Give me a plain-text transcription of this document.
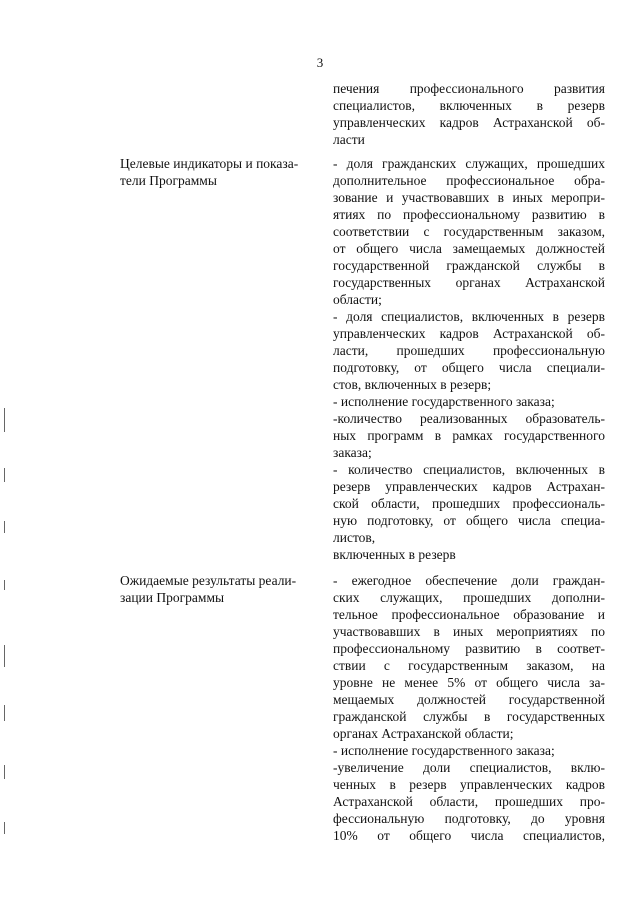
3
печения профессионального развития
специалистов, включенных в резерв
управленческих кадров Астраханской об-
ласти
Целевые индикаторы и показа-
тели Программы
- доля гражданских служащих, прошедших
дополнительное профессиональное обра-
зование и участвовавших в иных меропри-
ятиях по профессиональному развитию в
соответствии с государственным заказом,
от общего числа замещаемых должностей
государственной гражданской службы в
государственных органах Астраханской
области;
- доля специалистов, включенных в резерв
управленческих кадров Астраханской об-
ласти, прошедших профессиональную
подготовку, от общего числа специали-
стов, включенных в резерв;
- исполнение государственного заказа;
-количество реализованных образователь-
ных программ в рамках государственного
заказа;
- количество специалистов, включенных в
резерв управленческих кадров Астрахан-
ской области, прошедших профессиональ-
ную подготовку, от общего числа специа-
листов,
включенных в резерв
Ожидаемые результаты реали-
зации Программы
- ежегодное обеспечение доли граждан-
ских служащих, прошедших дополни-
тельное профессиональное образование и
участвовавших в иных мероприятиях по
профессиональному развитию в соответ-
ствии с государственным заказом, на
уровне не менее 5% от общего числа за-
мещаемых должностей государственной
гражданской службы в государственных
органах Астраханской области;
- исполнение государственного заказа;
-увеличение доли специалистов, вклю-
ченных в резерв управленческих кадров
Астраханской области, прошедших про-
фессиональную подготовку, до уровня
10% от общего числа специалистов,
